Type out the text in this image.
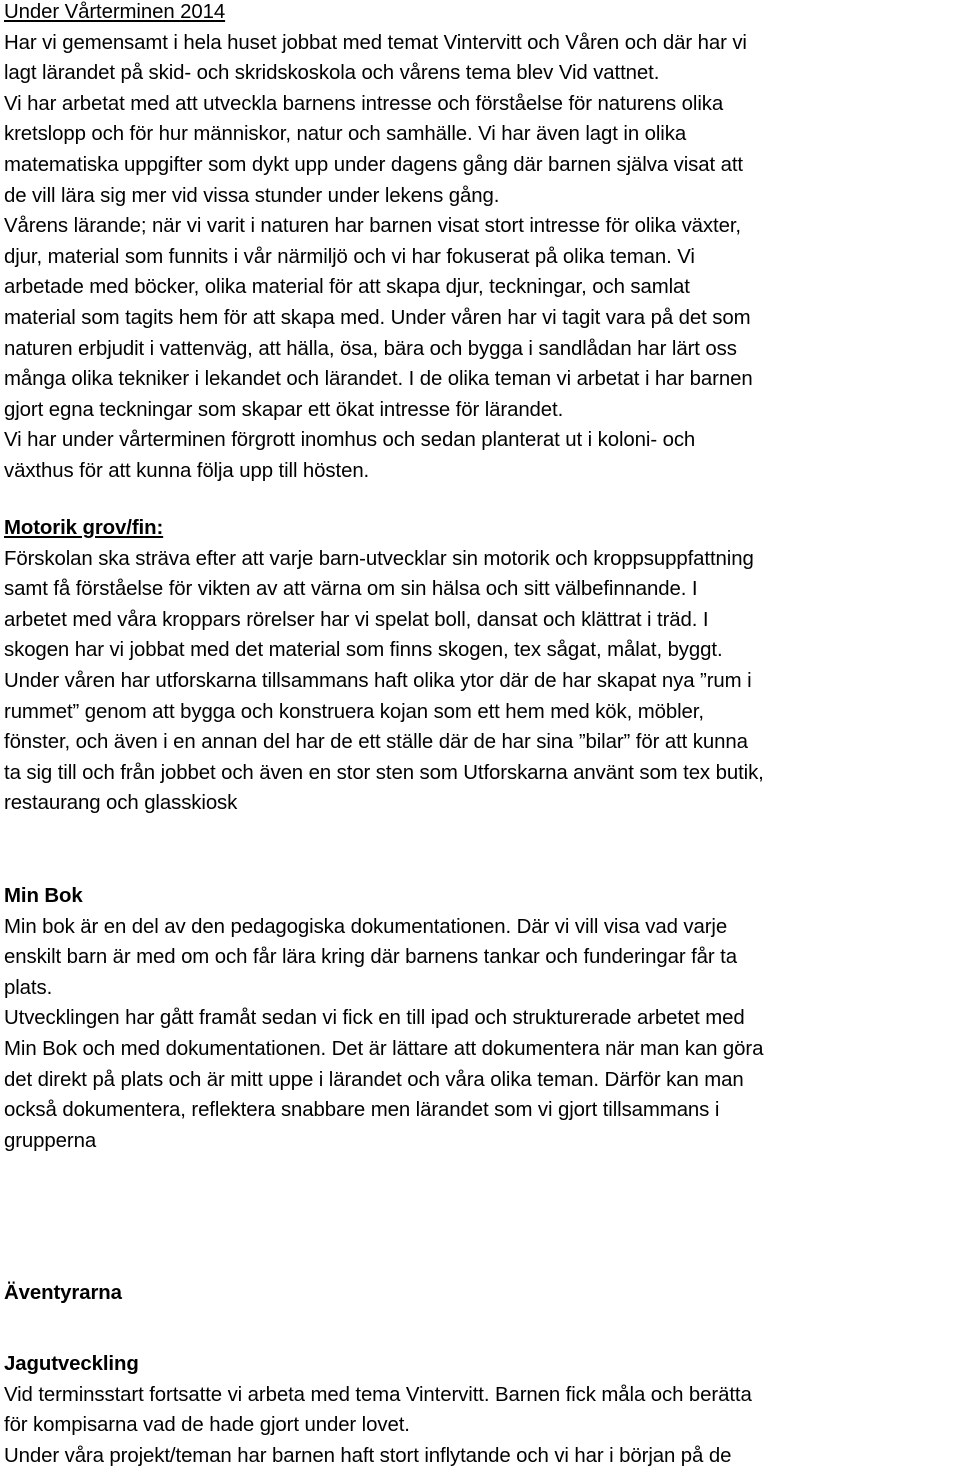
Under Vårterminen 2014
Har vi gemensamt i hela huset jobbat med temat Vintervitt och Våren och där har vi
lagt lärandet på skid- och skridskoskola och vårens tema blev Vid vattnet.
Vi har arbetat med att utveckla barnens intresse och förståelse för naturens olika
kretslopp och för hur människor, natur och samhälle. Vi har även lagt in olika
matematiska uppgifter som dykt upp under dagens gång där barnen själva visat att
de vill lära sig mer vid vissa stunder under lekens gång.
Vårens lärande; när vi varit i naturen har barnen visat stort intresse för olika växter,
djur, material som funnits i vår närmiljö och vi har fokuserat på olika teman. Vi
arbetade med böcker, olika material för att skapa djur, teckningar, och samlat
material som tagits hem för att skapa med. Under våren har vi tagit vara på det som
naturen erbjudit i vattenväg, att hälla, ösa, bära och bygga i sandlådan har lärt oss
många olika tekniker i lekandet och lärandet. I de olika teman vi arbetat i har barnen
gjort egna teckningar som skapar ett ökat intresse för lärandet.
Vi har under vårterminen förgrott inomhus och sedan planterat ut i koloni- och
växthus för att kunna följa upp till hösten.
Motorik grov/fin:
Förskolan ska sträva efter att varje barn-utvecklar sin motorik och kroppsuppfattning
samt få förståelse för vikten av att värna om sin hälsa och sitt välbefinnande. I
arbetet med våra kroppars rörelser har vi spelat boll, dansat och klättrat i träd. I
skogen har vi jobbat med det material som finns skogen, tex sågat, målat, byggt.
Under våren har utforskarna tillsammans haft olika ytor där de har skapat nya ”rum i
rummet” genom att bygga och konstruera kojan som ett hem med kök, möbler,
fönster, och även i en annan del har de ett ställe där de har sina ”bilar” för att kunna
ta sig till och från jobbet och även en stor sten som Utforskarna använt som tex butik,
restaurang och glasskiosk
Min Bok
Min bok är en del av den pedagogiska dokumentationen. Där vi vill visa vad varje
enskilt barn är med om och får lära kring där barnens tankar och funderingar får ta
plats.
Utvecklingen har gått framåt sedan vi fick en till ipad och strukturerade arbetet med
Min Bok och med dokumentationen. Det är lättare att dokumentera när man kan göra
det direkt på plats och är mitt uppe i lärandet och våra olika teman. Därför kan man
också dokumentera, reflektera snabbare men lärandet som vi gjort tillsammans i
gruppernа
Äventyrarna
Jagutveckling
Vid terminsstart fortsatte vi arbeta med tema Vintervitt. Barnen fick måla och berätta
för kompisarna vad de hade gjort under lovet.
Under våra projekt/teman har barnen haft stort inflytande och vi har i början på de
